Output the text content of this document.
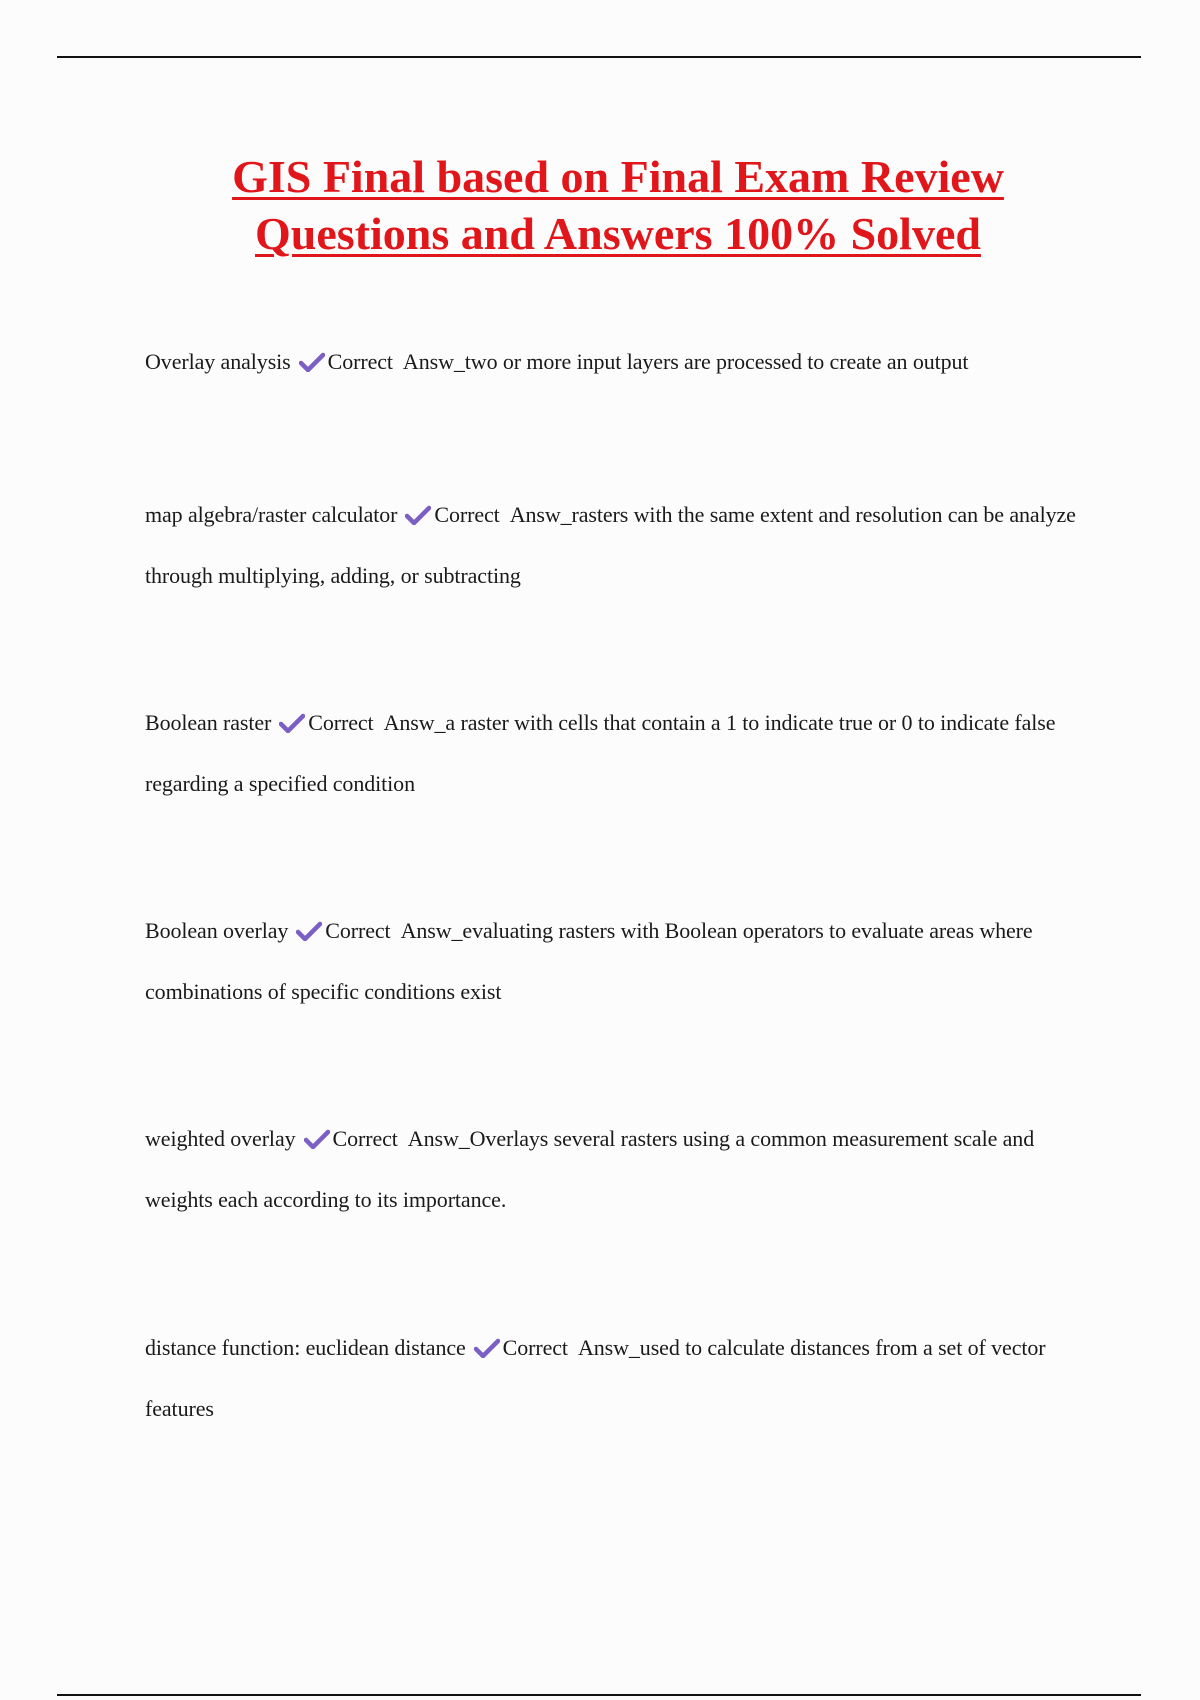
GIS Final based on Final Exam Review
Questions and Answers 100% Solved
Overlay analysis Correct Answ_two or more input layers are processed to create an output
map algebra/raster calculator Correct Answ_rasters with the same extent and resolution can be analyze through multiplying, adding, or subtracting
Boolean raster Correct Answ_a raster with cells that contain a 1 to indicate true or 0 to indicate false regarding a specified condition
Boolean overlay Correct Answ_evaluating rasters with Boolean operators to evaluate areas where combinations of specific conditions exist
weighted overlay Correct Answ_Overlays several rasters using a common measurement scale and weights each according to its importance.
distance function: euclidean distance Correct Answ_used to calculate distances from a set of vector features
